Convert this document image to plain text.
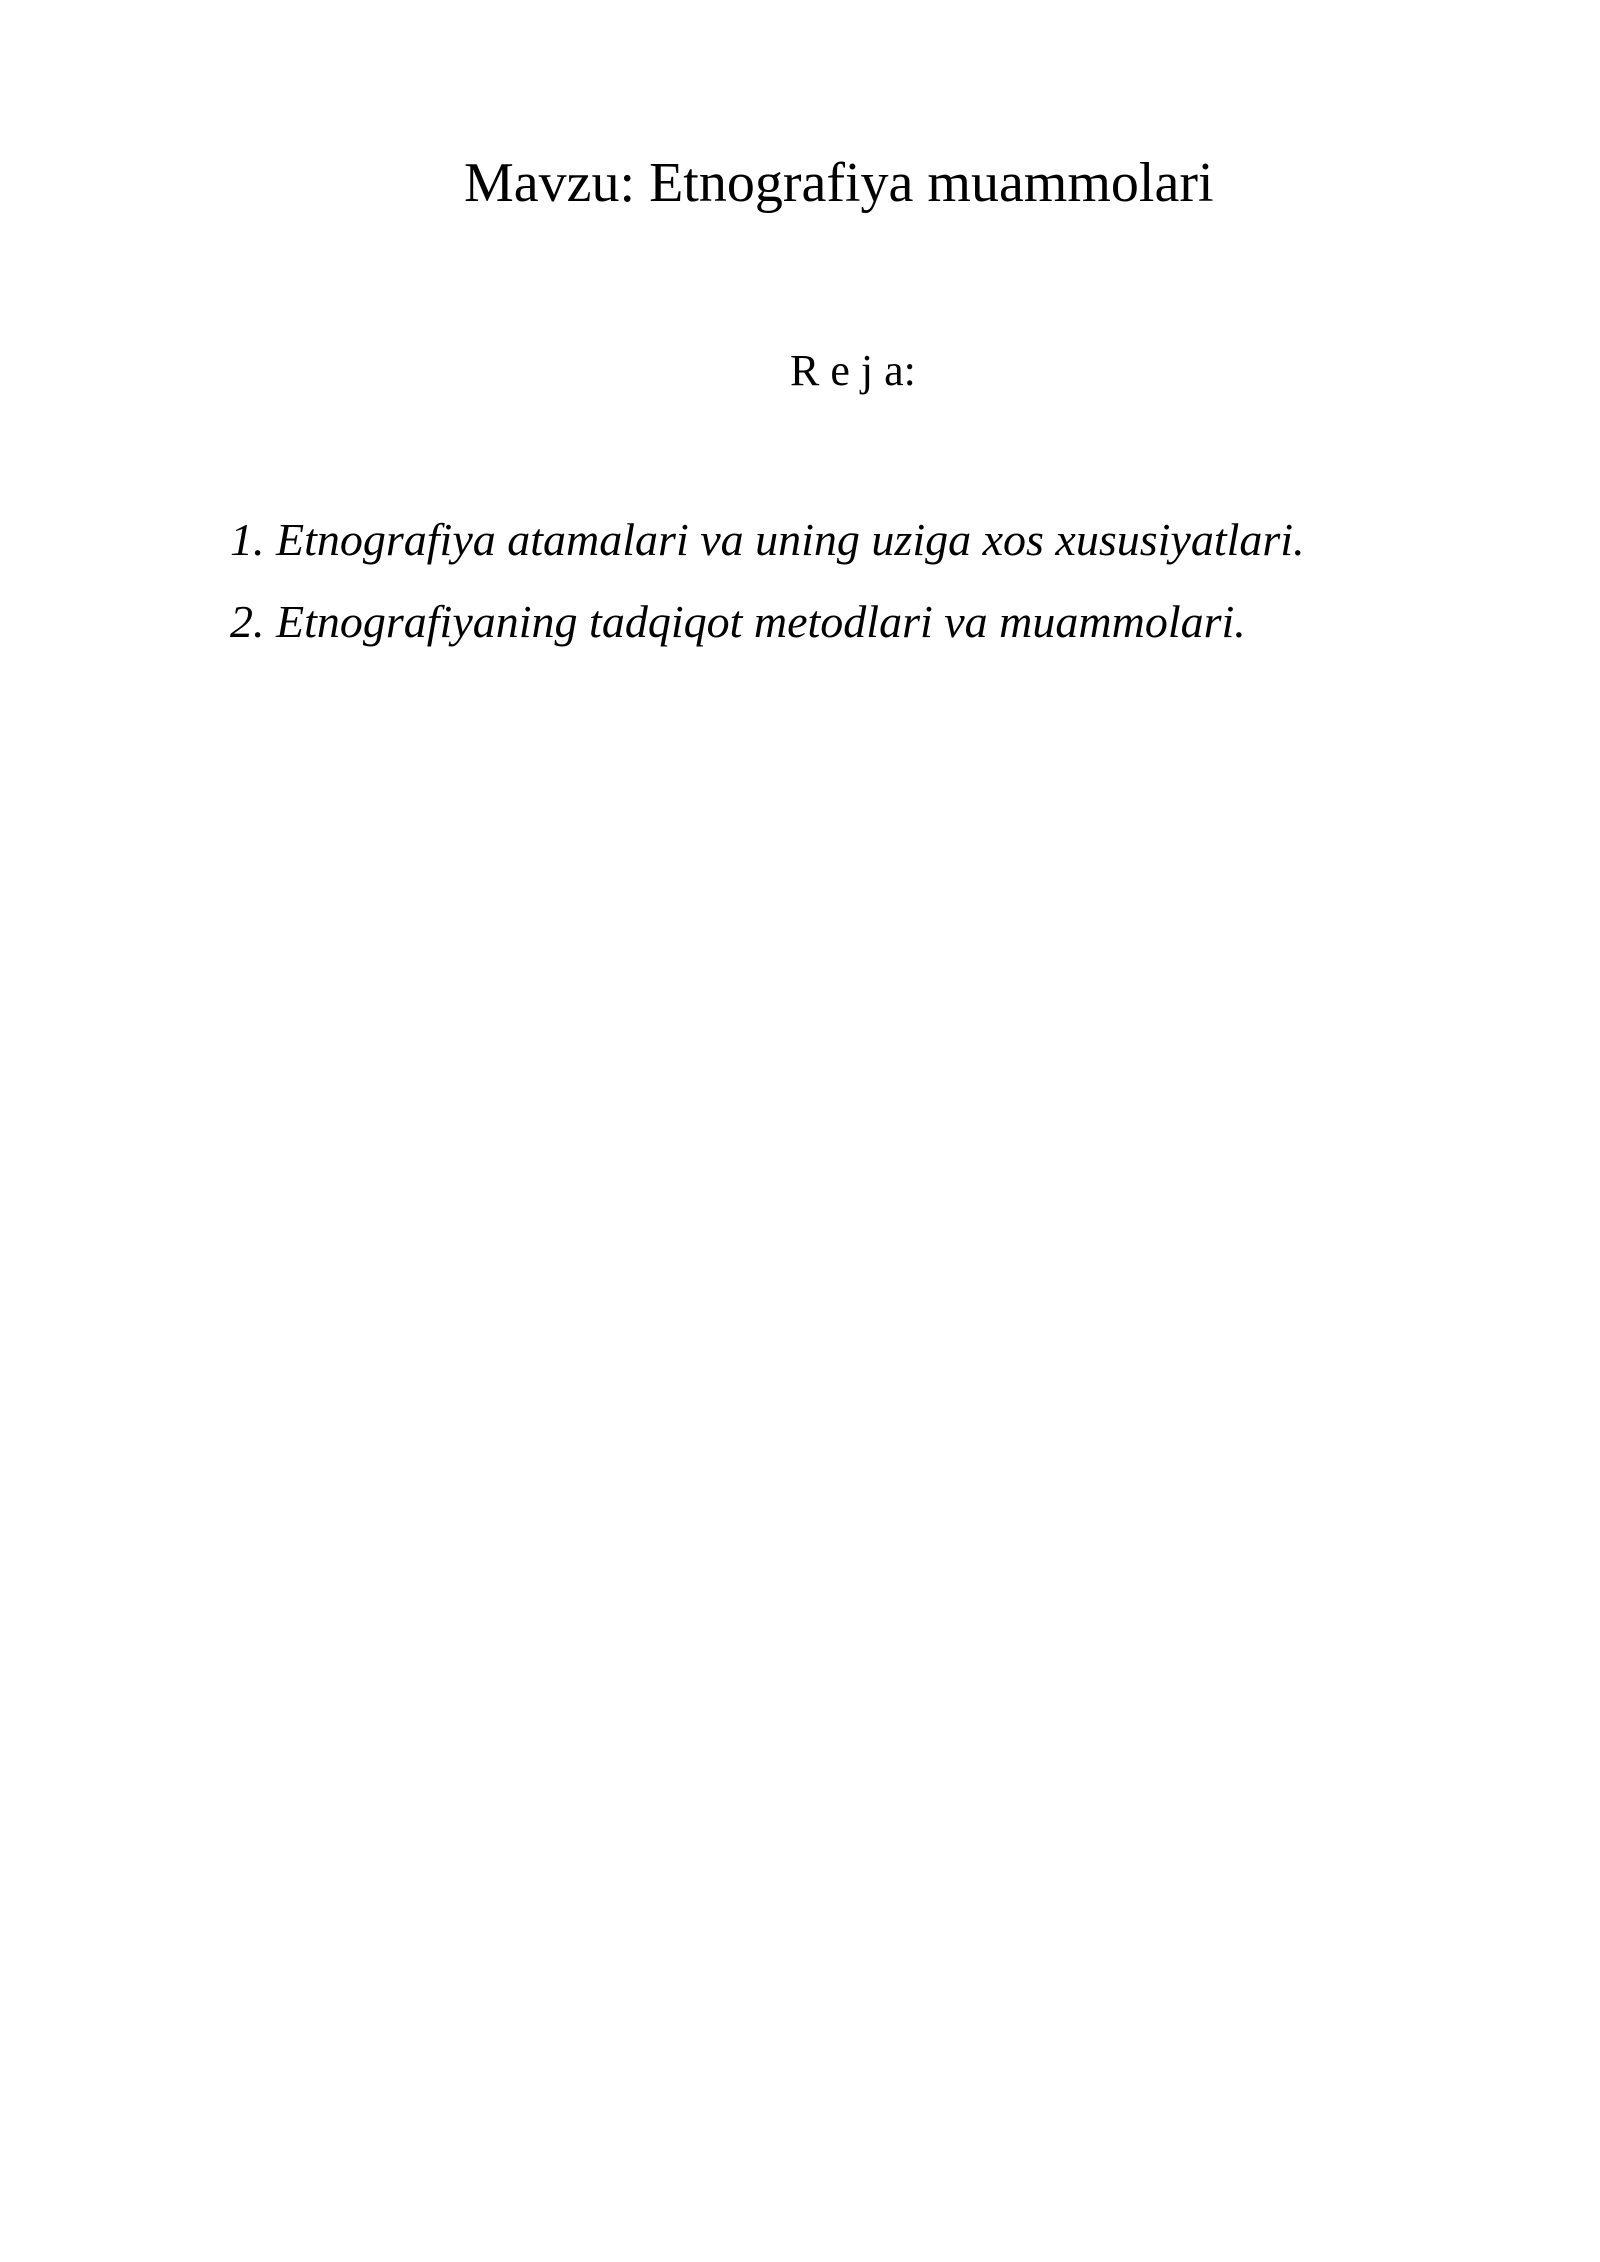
Mavzu: Etnografiya muammolari
R e j a:
1. Etnografiya atamalari va uning uziga xos xususiyatlari.
2. Etnografiyaning tadqiqot metodlari va muammolari.
